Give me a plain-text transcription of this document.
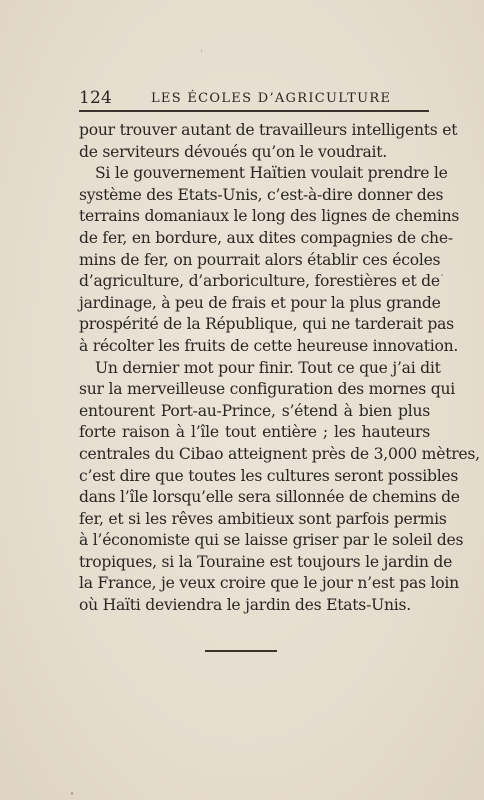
124	LES ÉCOLES D’AGRICULTURE
pour trouver autant de travailleurs intelligents et
de serviteurs dévoués qu’on le voudrait.
Si le gouvernement Haïtien voulait prendre le
système des Etats-Unis, c’est-à-dire donner des
terrains domaniaux le long des lignes de chemins
de fer, en bordure, aux dites compagnies de che-
mins de fer, on pourrait alors établir ces écoles
d’agriculture, d’arboriculture, forestières et de
jardinage, à peu de frais et pour la plus grande
prospérité de la République, qui ne tarderait pas
à récolter les fruits de cette heureuse innovation.
Un dernier mot pour finir. Tout ce que j’ai dit
sur la merveilleuse configuration des mornes qui
entourent Port-au-Prince, s’étend à bien plus
forte raison à l’île tout entière ; les hauteurs
centrales du Cibao atteignent près de 3,000 mètres,
c’est dire que toutes les cultures seront possibles
dans l’île lorsqu’elle sera sillonnée de chemins de
fer, et si les rêves ambitieux sont parfois permis
à l’économiste qui se laisse griser par le soleil des
tropiques, si la Touraine est toujours le jardin de
la France, je veux croire que le jour n’est pas loin
où Haïti deviendra le jardin des Etats-Unis.
